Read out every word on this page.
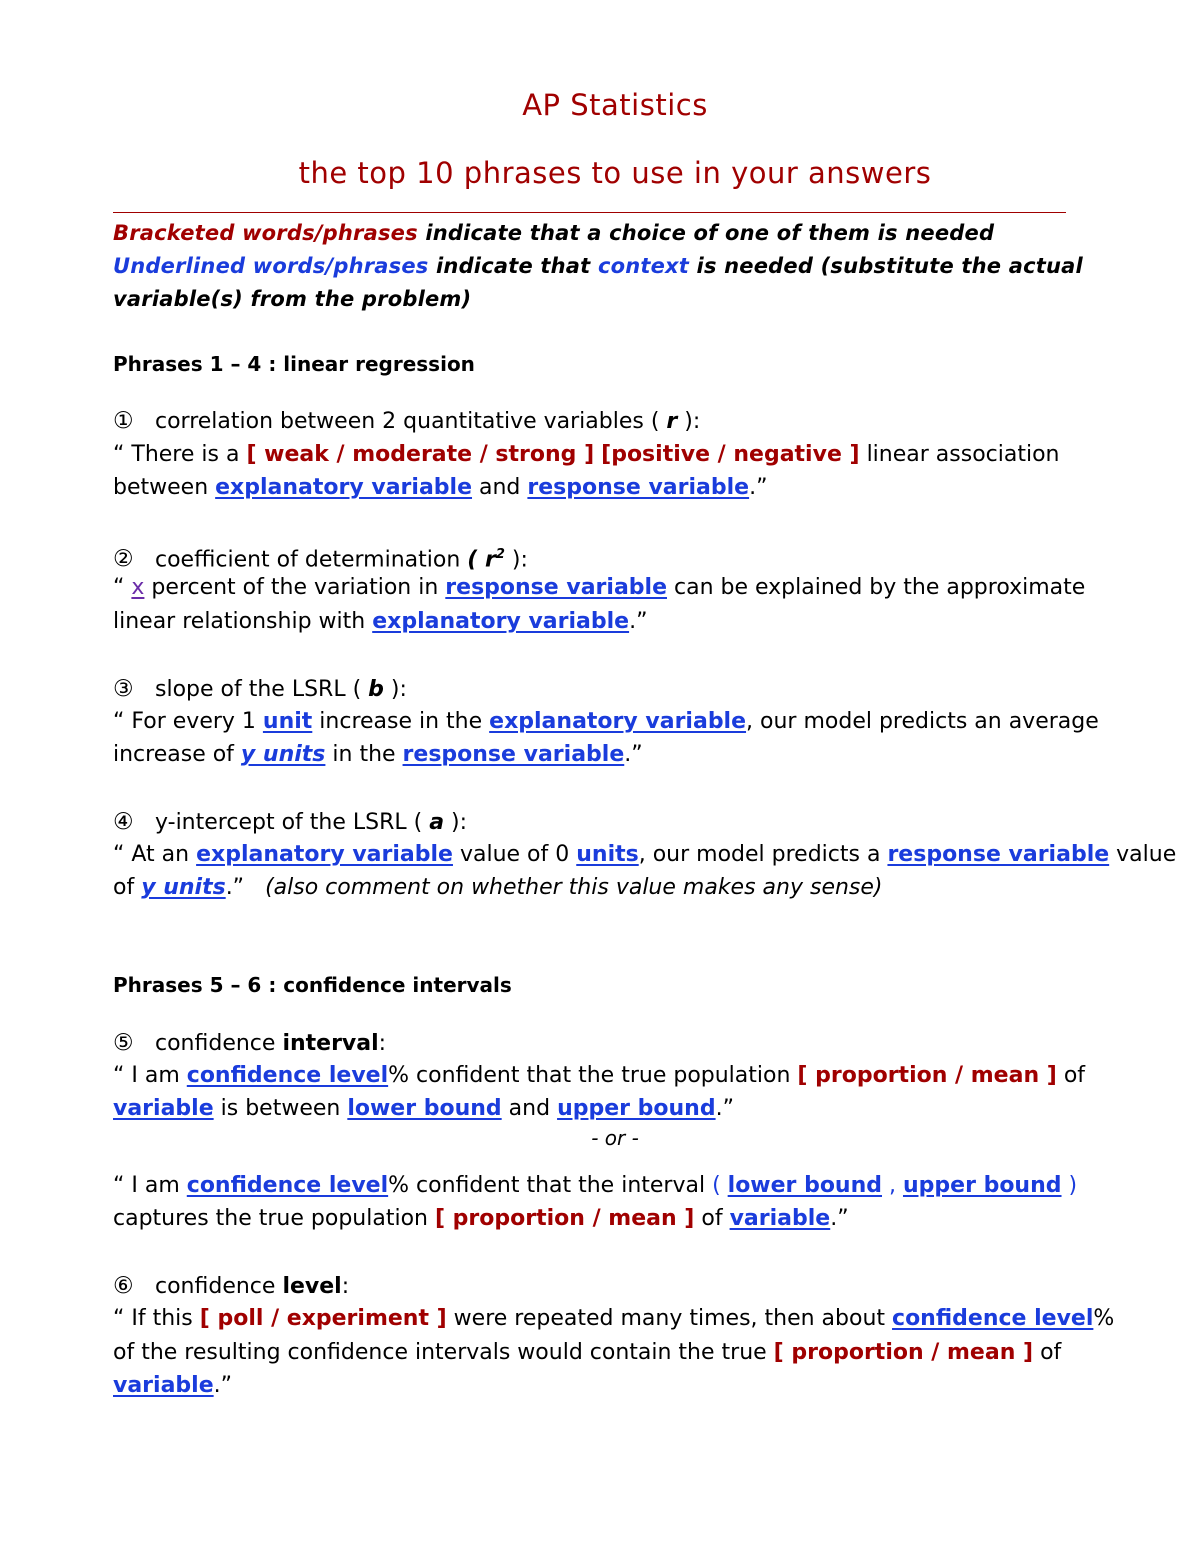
AP Statistics
the top 10 phrases to use in your answers
Bracketed words/phrases indicate that a choice of one of them is needed
Underlined words/phrases indicate that context is needed (substitute the actual
variable(s) from the problem)
Phrases 1 – 4 : linear regression
① correlation between 2 quantitative variables ( r ):
“ There is a [ weak / moderate / strong ] [positive / negative ] linear association
between explanatory variable and response variable.”
② coefficient of determination ( $r^2$ ):
“ x percent of the variation in response variable can be explained by the approximate
linear relationship with explanatory variable.”
③ slope of the LSRL ( b ):
“ For every 1 unit increase in the explanatory variable, our model predicts an average
increase of y units in the response variable.”
④ y-intercept of the LSRL ( a ):
“ At an explanatory variable value of 0 units, our model predicts a response variable value
of y units.” (also comment on whether this value makes any sense)
Phrases 5 – 6 : confidence intervals
⑤ confidence interval:
“ I am confidence level% confident that the true population [ proportion / mean ] of
variable is between lower bound and upper bound.”
- or -
“ I am confidence level% confident that the interval ( lower bound , upper bound )
captures the true population [ proportion / mean ] of variable.”
⑥ confidence level:
“ If this [ poll / experiment ] were repeated many times, then about confidence level%
of the resulting confidence intervals would contain the true [ proportion / mean ] of
variable.”
